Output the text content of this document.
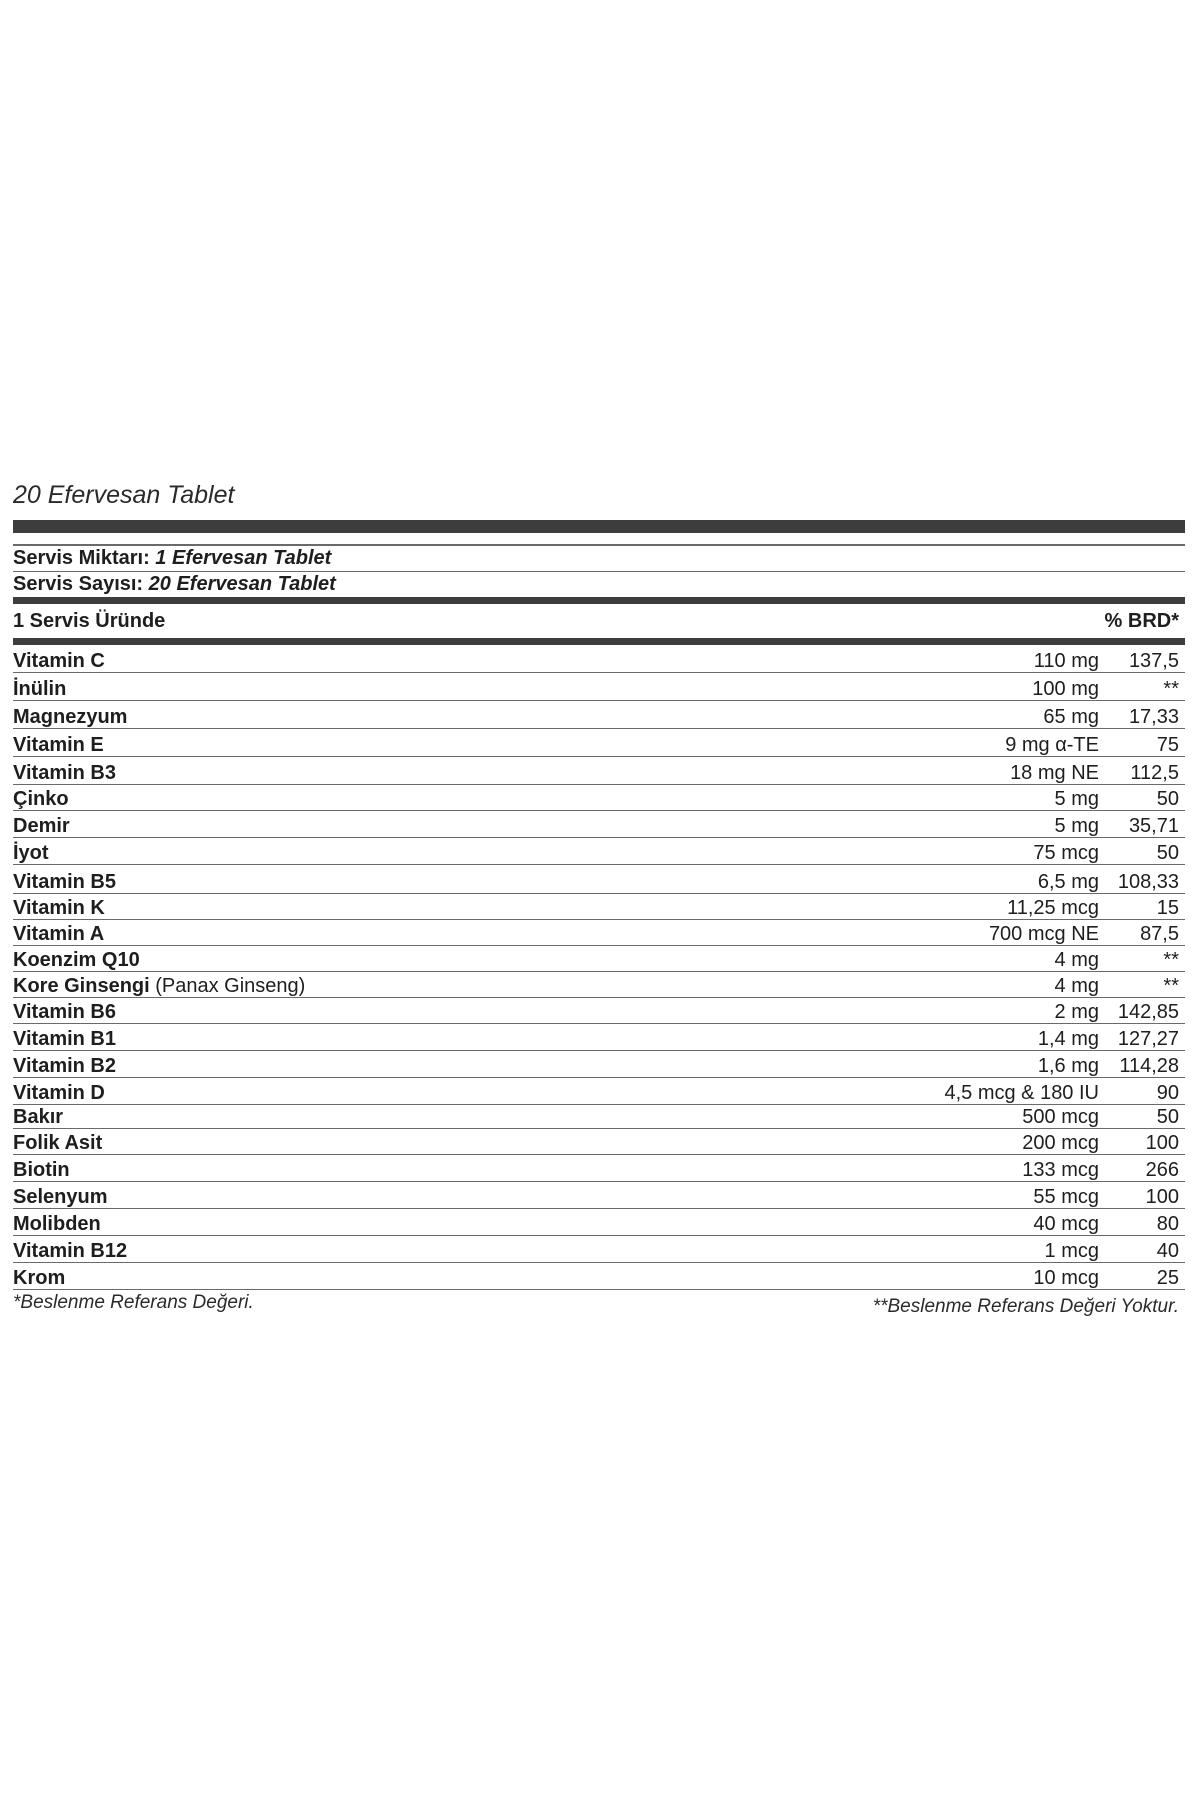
20 Efervesan Tablet
Servis Miktarı: 1 Efervesan Tablet
Servis Sayısı: 20 Efervesan Tablet
1 Servis Üründe	% BRD*
Vitamin C	110 mg	137,5
İnülin	100 mg	**
Magnezyum	65 mg	17,33
Vitamin E	9 mg α-TE	75
Vitamin B3	18 mg NE	112,5
Çinko	5 mg	50
Demir	5 mg	35,71
İyot	75 mcg	50
Vitamin B5	6,5 mg 108,33
Vitamin K	11,25 mcg	15
Vitamin A	700 mcg NE	87,5
Koenzim Q10	4 mg	**
Kore Ginsengi (Panax Ginseng)	4 mg	**
Vitamin B6	2 mg 142,85
Vitamin B1	1,4 mg 127,27
Vitamin B2	1,6 mg	114,28
Vitamin D	4,5 mcg & 180 IU	90
Bakır	500 mcg	50
Folik Asit	200 mcg	100
Biotin	133 mcg	266
Selenyum	55 mcg	100
Molibden	40 mcg	80
Vitamin B12	1 mcg	40
Krom	10 mcg	25
*Beslenme Referans Değeri.	**Beslenme Referans Değeri Yoktur.
